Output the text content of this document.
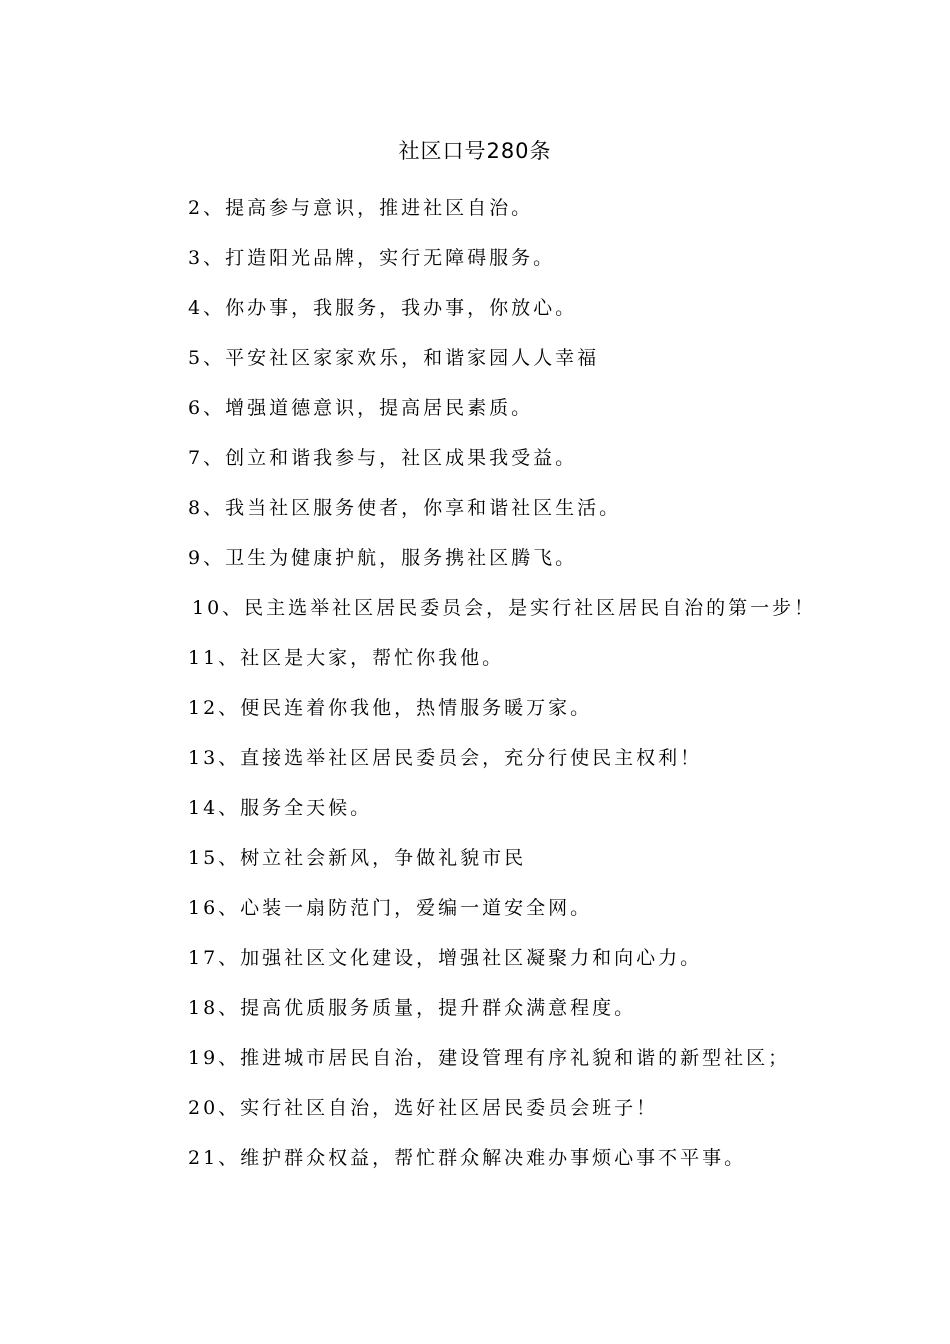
社区口号280条
2、提高参与意识，推进社区自治。
3、打造阳光品牌，实行无障碍服务。
4、你办事，我服务，我办事，你放心。
5、平安社区家家欢乐，和谐家园人人幸福
6、增强道德意识，提高居民素质。
7、创立和谐我参与，社区成果我受益。
8、我当社区服务使者，你享和谐社区生活。
9、卫生为健康护航，服务携社区腾飞。
10、民主选举社区居民委员会，是实行社区居民自治的第一步！
11、社区是大家，帮忙你我他。
12、便民连着你我他，热情服务暖万家。
13、直接选举社区居民委员会，充分行使民主权利！
14、服务全天候。
15、树立社会新风，争做礼貌市民
16、心装一扇防范门，爱编一道安全网。
17、加强社区文化建设，增强社区凝聚力和向心力。
18、提高优质服务质量，提升群众满意程度。
19、推进城市居民自治，建设管理有序礼貌和谐的新型社区；
20、实行社区自治，选好社区居民委员会班子！
21、维护群众权益，帮忙群众解决难办事烦心事不平事。
